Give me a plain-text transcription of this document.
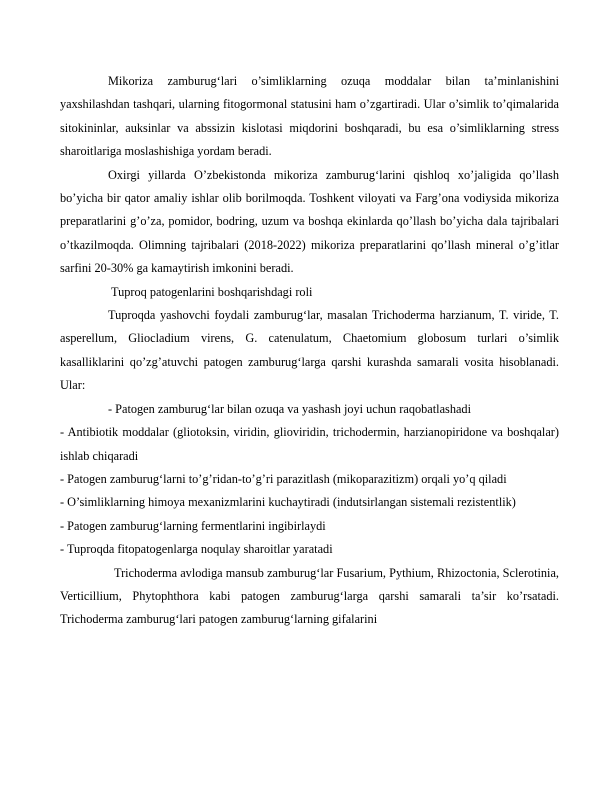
Mikoriza zamburugʻlari o’simliklarning ozuqa moddalar bilan ta’minlanishini yaxshilashdan tashqari, ularning fitogormonal statusini ham o’zgartiradi. Ular o’simlik to’qimalarida sitokininlar, auksinlar va abssizin kislotasi miqdorini boshqaradi, bu esa o’simliklarning stress sharoitlariga moslashishiga yordam beradi.

Oxirgi yillarda O’zbekistonda mikoriza zamburugʻlarini qishloq xo’jaligida qo’llash bo’yicha bir qator amaliy ishlar olib borilmoqda. Toshkent viloyati va Farg’ona vodiysida mikoriza preparatlarini g’o’za, pomidor, bodring, uzum va boshqa ekinlarda qo’llash bo’yicha dala tajribalari o’tkazilmoqda. Olimning tajribalari (2018-2022) mikoriza preparatlarini qo’llash mineral o’g’itlar sarfini 20-30% ga kamaytirish imkonini beradi.

Tuproq patogenlarini boshqarishdagi roli

Tuproqda yashovchi foydali zamburugʻlar, masalan Trichoderma harzianum, T. viride, T. asperellum, Gliocladium virens, G. catenulatum, Chaetomium globosum turlari o’simlik kasalliklarini qo’zg’atuvchi patogen zamburugʻlarga qarshi kurashda samarali vosita hisoblanadi. Ular:

- Patogen zamburugʻlar bilan ozuqa va yashash joyi uchun raqobatlashadi

- Antibiotik moddalar (gliotoksin, viridin, glioviridin, trichodermin, harzianopiridone va boshqalar) ishlab chiqaradi

- Patogen zamburugʻlarni to’g’ridan-to’g’ri parazitlash (mikoparazitizm) orqali yo’q qiladi

- O’simliklarning himoya mexanizmlarini kuchaytiradi (indutsirlangan sistemali rezistentlik)

- Patogen zamburugʻlarning fermentlarini ingibirlaydi

- Tuproqda fitopatogenlarga noqulay sharoitlar yaratadi

Trichoderma avlodiga mansub zamburugʻlar Fusarium, Pythium, Rhizoctonia, Sclerotinia, Verticillium, Phytophthora kabi patogen zamburugʻlarga qarshi samarali ta’sir ko’rsatadi. Trichoderma zamburugʻlari patogen zamburugʻlarning gifalarini
